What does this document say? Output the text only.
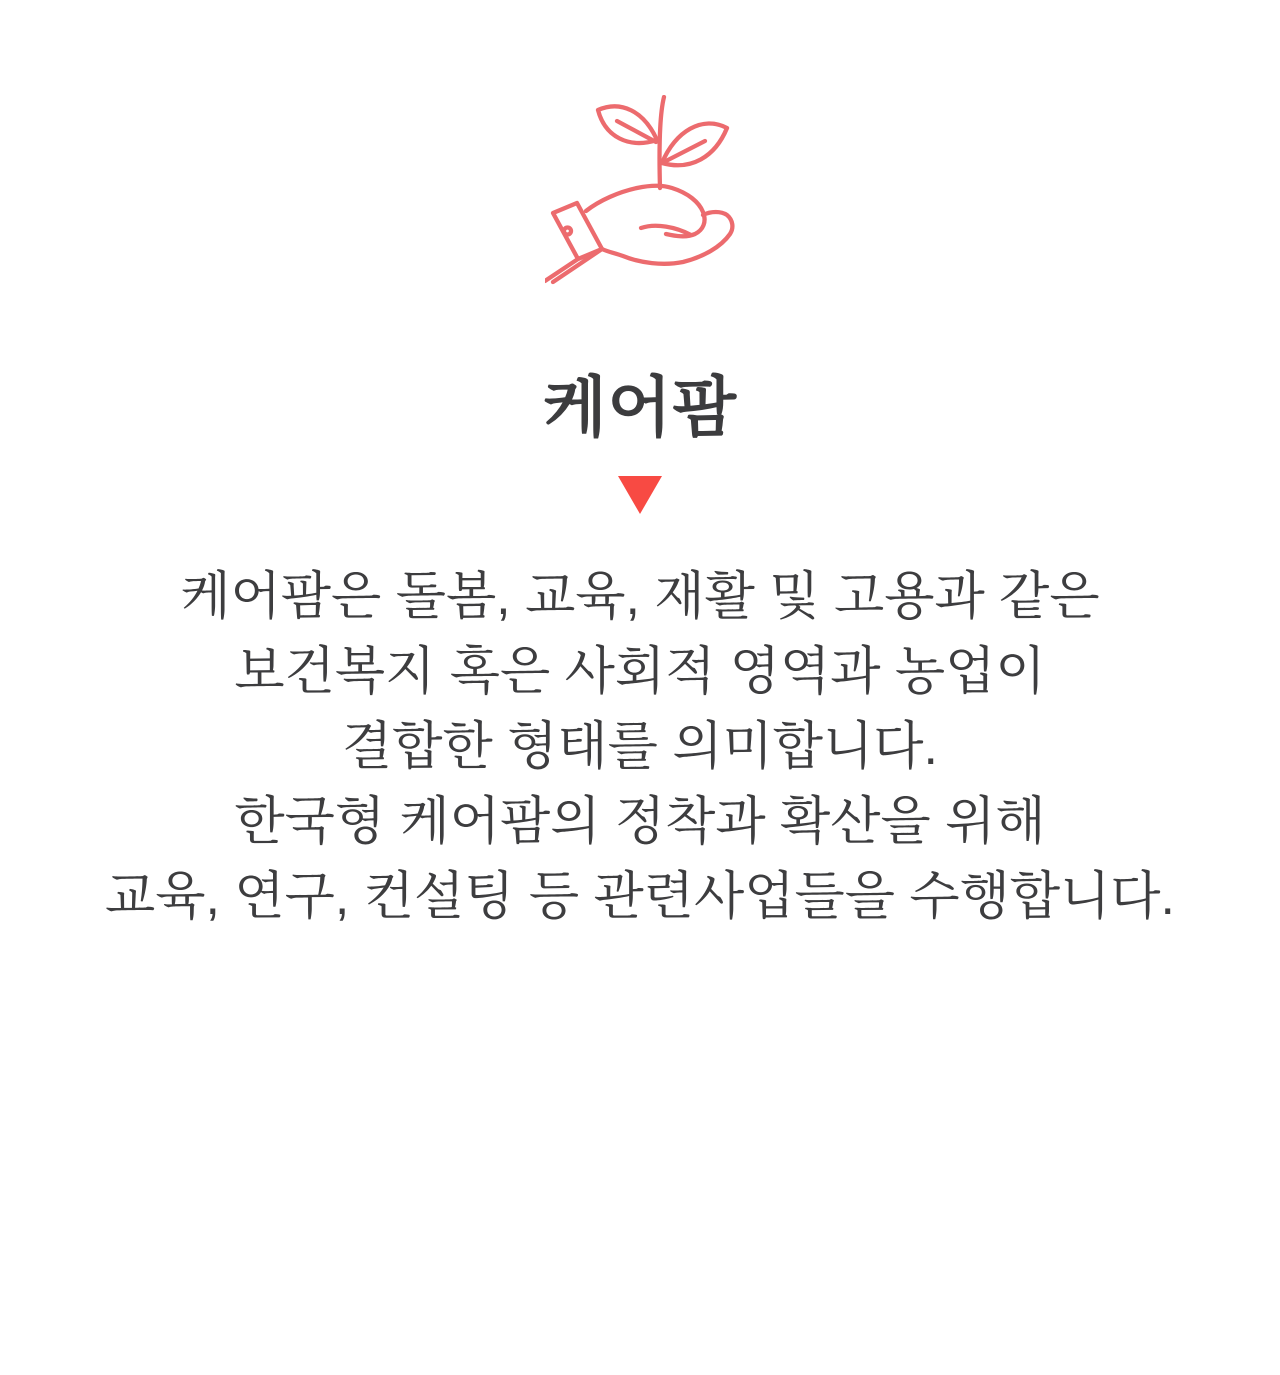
케어팜

케어팜은 돌봄, 교육, 재활 및 고용과 같은
보건복지 혹은 사회적 영역과 농업이
결합한 형태를 의미합니다.
한국형 케어팜의 정착과 확산을 위해
교육, 연구, 컨설팅 등 관련사업들을 수행합니다.
